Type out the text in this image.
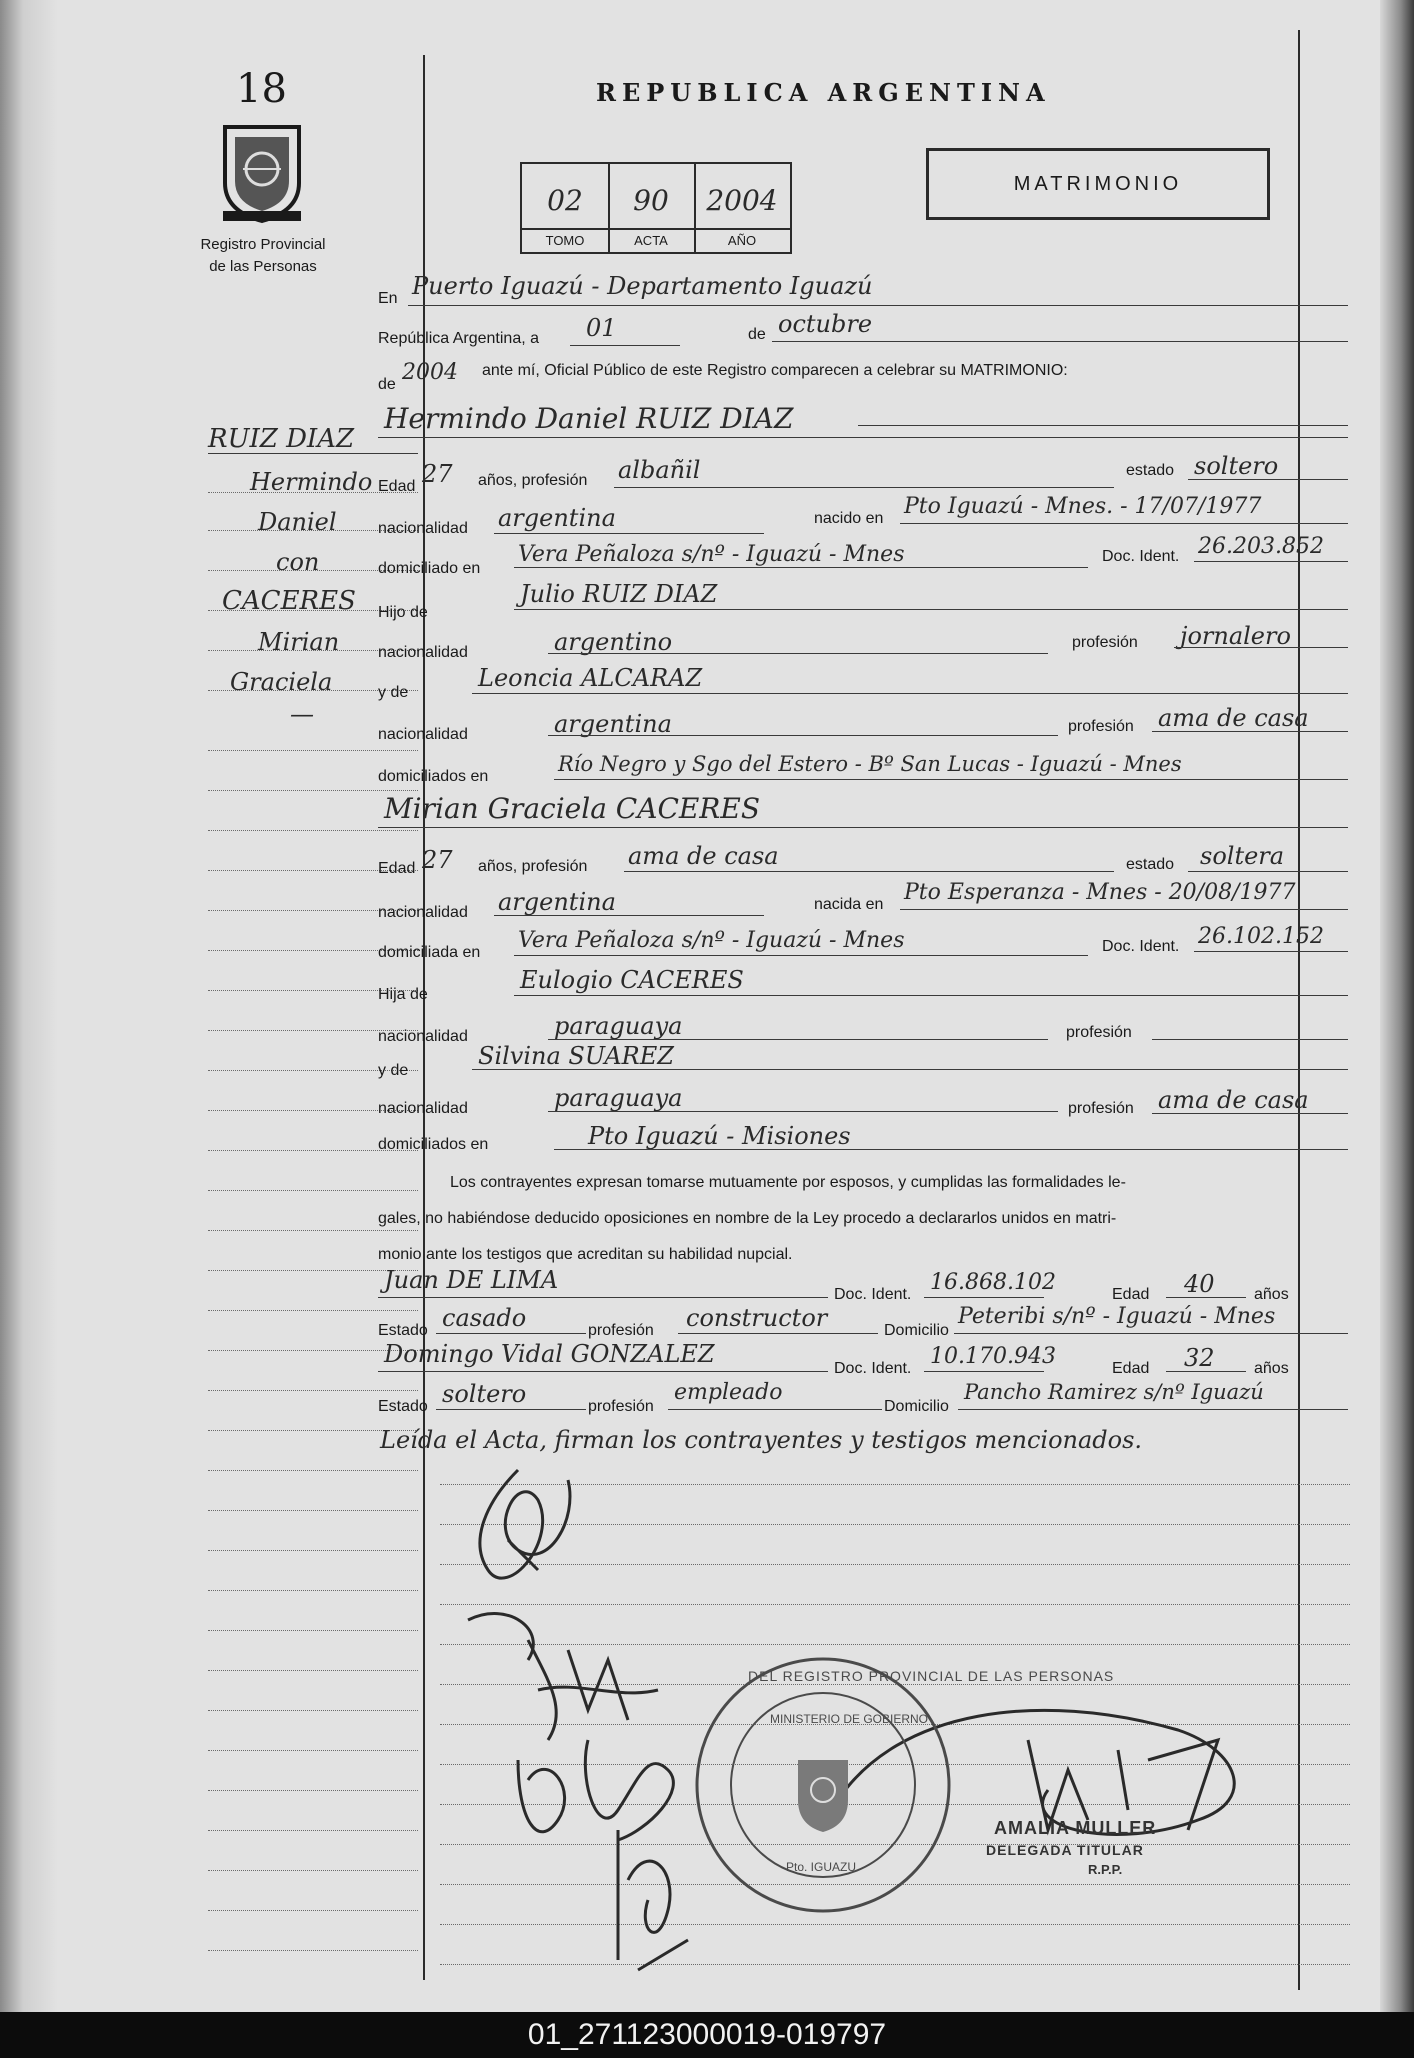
18
Registro Provincial
de las Personas
REPUBLICA ARGENTINA
02
TOMO
90
ACTA
2004
AÑO
MATRIMONIO
RUIZ DIAZ
Hermindo
Daniel
con
CACERES
Mirian
Graciela
—
En Puerto Iguazú - Departamento Iguazú
República Argentina, a 01	de octubre
de 2004 ante mí, Oficial Público de este Registro comparecen a celebrar su MATRIMONIO:
Hermindo Daniel RUIZ DIAZ
Edad 27 años, profesión albañil	estado soltero
nacionalidad argentina	nacido en Pto Iguazú - Mnes. - 17/07/1977
domiciliado en
Vera Peñaloza s/nº - Iguazú - Mnes	Doc. Ident. 26.203.852
Hijo de
Julio RUIZ DIAZ
nacionalidad	argentino	profesión jornalero
y de
Leoncia ALCARAZ
nacionalidad	argentina	profesión ama de casa
domiciliados en
Río Negro y Sgo del Estero - Bº San Lucas - Iguazú - Mnes
Mirian Graciela CACERES
Edad 27 años, profesión ama de casa	estado soltera
nacionalidad argentina	nacida en Pto Esperanza - Mnes - 20/08/1977
domiciliada en Vera Peñaloza s/nº - Iguazú - Mnes	Doc. Ident. 26.102.152
Hija de
Eulogio CACERES
nacionalidad	paraguaya	profesión
y de
Silvina SUAREZ
nacionalidad	paraguaya	profesión ama de casa
domiciliados en	Pto Iguazú - Misiones
Los contrayentes expresan tomarse mutuamente por esposos, y cumplidas las formalidades le-
gales, no habiéndose deducido oposiciones en nombre de la Ley procedo a declararlos unidos en matri-
monio ante los testigos que acreditan su habilidad nupcial.
Juan DE LIMA
Doc. Ident. 16.868.102	Edad 40 años
Estado casado	profesión constructor	Domicilio
Peteribi s/nº - Iguazú - Mnes
Domingo Vidal GONZALEZ
Doc. Ident. 10.170.943	Edad 32 años
Estado soltero	profesión
empleado
Domicilio
Pancho Ramirez s/nº Iguazú
Leída el Acta, firman los contrayentes y testigos mencionados.
DEL REGISTRO PROVINCIAL DE LAS PERSONAS
MINISTERIO DE GOBIERNO
Pto. IGUAZU
AMALIA MULLER
DELEGADA TITULAR
R.P.P.
01_271123000019-019797
